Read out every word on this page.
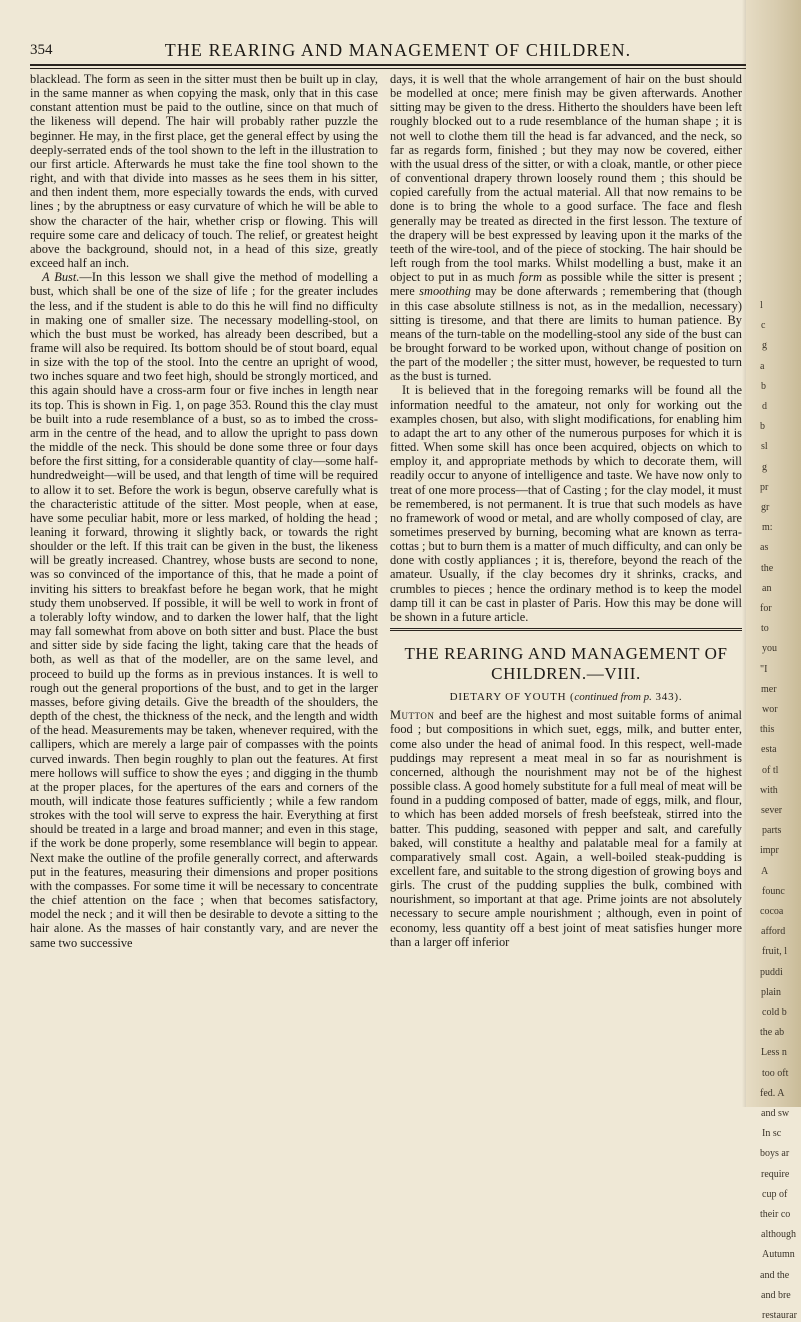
354	THE REARING AND MANAGEMENT OF CHILDREN.

blacklead. The form as seen in the sitter must then be built up in clay, in the same manner as when copying the mask, only that in this case constant attention must be paid to the outline, since on that much of the likeness will depend. The hair will probably rather puzzle the beginner. He may, in the first place, get the general effect by using the deeply-serrated ends of the tool shown to the left in the illustration to our first article. Afterwards he must take the fine tool shown to the right, and with that divide into masses as he sees them in his sitter, and then indent them, more especially towards the ends, with curved lines ; by the abruptness or easy curvature of which he will be able to show the character of the hair, whether crisp or flowing. This will require some care and delicacy of touch. The relief, or greatest height above the background, should not, in a head of this size, greatly exceed half an inch.

A Bust.—In this lesson we shall give the method of modelling a bust, which shall be one of the size of life ; for the greater includes the less, and if the student is able to do this he will find no difficulty in making one of smaller size. The necessary modelling-stool, on which the bust must be worked, has already been described, but a frame will also be required. Its bottom should be of stout board, equal in size with the top of the stool. Into the centre an upright of wood, two inches square and two feet high, should be strongly morticed, and this again should have a cross-arm four or five inches in length near its top. This is shown in Fig. 1, on page 353. Round this the clay must be built into a rude resemblance of a bust, so as to imbed the cross-arm in the centre of the head, and to allow the upright to pass down the middle of the neck. This should be done some three or four days before the first sitting, for a considerable quantity of clay—some half-hundredweight—will be used, and that length of time will be required to allow it to set. Before the work is begun, observe carefully what is the characteristic attitude of the sitter. Most people, when at ease, have some peculiar habit, more or less marked, of holding the head ; leaning it forward, throwing it slightly back, or towards the right shoulder or the left. If this trait can be given in the bust, the likeness will be greatly increased. Chantrey, whose busts are second to none, was so convinced of the importance of this, that he made a point of inviting his sitters to breakfast before he began work, that he might study them unobserved. If possible, it will be well to work in front of a tolerably lofty window, and to darken the lower half, that the light may fall somewhat from above on both sitter and bust. Place the bust and sitter side by side facing the light, taking care that the heads of both, as well as that of the modeller, are on the same level, and proceed to build up the forms as in previous instances. It is well to rough out the general proportions of the bust, and to get in the larger masses, before giving details. Give the breadth of the shoulders, the depth of the chest, the thickness of the neck, and the length and width of the head. Measurements may be taken, whenever required, with the callipers, which are merely a large pair of compasses with the points curved inwards. Then begin roughly to plan out the features. At first mere hollows will suffice to show the eyes ; and digging in the thumb at the proper places, for the apertures of the ears and corners of the mouth, will indicate those features sufficiently ; while a few random strokes with the tool will serve to express the hair. Everything at first should be treated in a large and broad manner; and even in this stage, if the work be done properly, some resemblance will begin to appear. Next make the outline of the profile generally correct, and afterwards put in the features, measuring their dimensions and proper positions with the compasses. For some time it will be necessary to concentrate the chief attention on the face ; when that becomes satisfactory, model the neck ; and it will then be desirable to devote a sitting to the hair alone. As the masses of hair constantly vary, and are never the same two successive

days, it is well that the whole arrangement of hair on the bust should be modelled at once; mere finish may be given afterwards. Another sitting may be given to the dress. Hitherto the shoulders have been left roughly blocked out to a rude resemblance of the human shape ; it is not well to clothe them till the head is far advanced, and the neck, so far as regards form, finished ; but they may now be covered, either with the usual dress of the sitter, or with a cloak, mantle, or other piece of conventional drapery thrown loosely round them ; this should be copied carefully from the actual material. All that now remains to be done is to bring the whole to a good surface. The face and flesh generally may be treated as directed in the first lesson. The texture of the drapery will be best expressed by leaving upon it the marks of the teeth of the wire-tool, and of the piece of stocking. The hair should be left rough from the tool marks. Whilst modelling a bust, make it an object to put in as much form as possible while the sitter is present ; mere smoothing may be done afterwards ; remembering that (though in this case absolute stillness is not, as in the medallion, necessary) sitting is tiresome, and that there are limits to human patience. By means of the turn-table on the modelling-stool any side of the bust can be brought forward to be worked upon, without change of position on the part of the modeller ; the sitter must, however, be requested to turn as the bust is turned.

It is believed that in the foregoing remarks will be found all the information needful to the amateur, not only for working out the examples chosen, but also, with slight modifications, for enabling him to adapt the art to any other of the numerous purposes for which it is fitted. When some skill has once been acquired, objects on which to employ it, and appropriate methods by which to decorate them, will readily occur to anyone of intelligence and taste. We have now only to treat of one more process—that of Casting ; for the clay model, it must be remembered, is not permanent. It is true that such models as have no framework of wood or metal, and are wholly composed of clay, are sometimes preserved by burning, becoming what are known as terra-cottas ; but to burn them is a matter of much difficulty, and can only be done with costly appliances ; it is, therefore, beyond the reach of the amateur. Usually, if the clay becomes dry it shrinks, cracks, and crumbles to pieces ; hence the ordinary method is to keep the model damp till it can be cast in plaster of Paris. How this may be done will be shown in a future article.

THE REARING AND MANAGEMENT OF CHILDREN.—VIII.
DIETARY OF YOUTH (continued from p. 343).

Mutton and beef are the highest and most suitable forms of animal food ; but compositions in which suet, eggs, milk, and butter enter, come also under the head of animal food. In this respect, well-made puddings may represent a meat meal in so far as nourishment is concerned, although the nourishment may not be of the highest possible class. A good homely substitute for a full meal of meat will be found in a pudding composed of batter, made of eggs, milk, and flour, to which has been added morsels of fresh beefsteak, stirred into the batter. This pudding, seasoned with pepper and salt, and carefully baked, will constitute a healthy and palatable meal for a family at comparatively small cost. Again, a well-boiled steak-pudding is excellent fare, and suitable to the strong digestion of growing boys and girls. The crust of the pudding supplies the bulk, combined with nourishment, so important at that age. Prime joints are not absolutely necessary to secure ample nourishment ; although, even in point of economy, less quantity off a best joint of meat satisfies hunger more than a larger off inferior

l
c
g
a
b
d
b
sl
g
pr
gr
m:
as
the
an
for
to
you
"I
mer
wor
this
esta
of tl
with
sever
parts
impr
A
founc
cocoa
afford
fruit, l
puddi
plain
cold b
the ab
Less n
too oft
fed. A
and sw
In sc
boys ar
require
cup of
their co
although
Autumn
and the
and bre
restaurar
